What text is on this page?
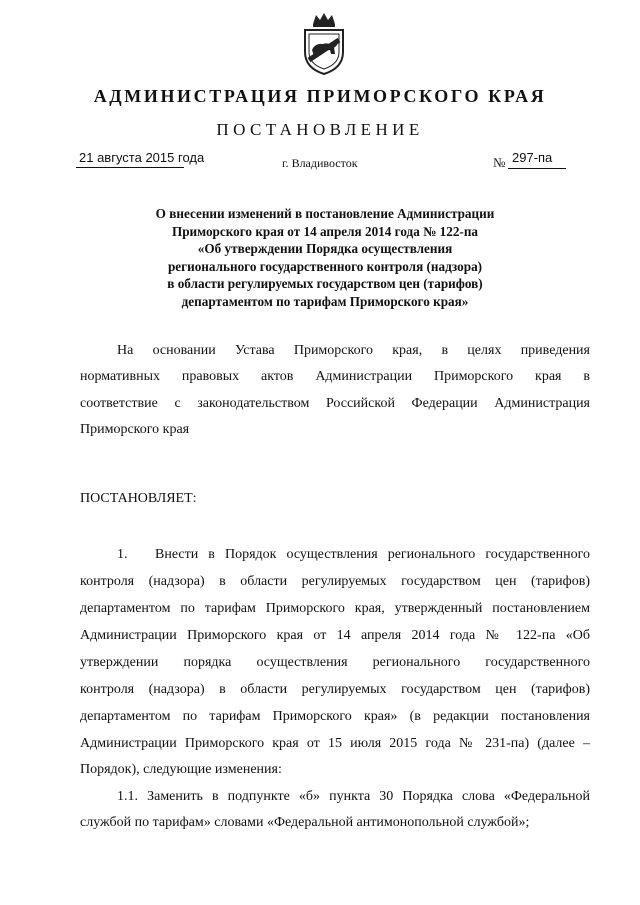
АДМИНИСТРАЦИЯ ПРИМОРСКОГО КРАЯ
ПОСТАНОВЛЕНИЕ
21 августа 2015 года	г. Владивосток	№ 297-па
О внесении изменений в постановление Администрации
Приморского края от 14 апреля 2014 года № 122-па
«Об утверждении Порядка осуществления
регионального государственного контроля (надзора)
в области регулируемых государством цен (тарифов)
департаментом по тарифам Приморского края»
На основании Устава Приморского края, в целях приведения
нормативных правовых актов Администрации Приморского края в
соответствие с законодательством Российской Федерации Администрация
Приморского края
ПОСТАНОВЛЯЕТ:
1. Внести в Порядок осуществления регионального государственного
контроля (надзора) в области регулируемых государством цен (тарифов)
департаментом по тарифам Приморского края, утвержденный постановлением
Администрации Приморского края от 14 апреля 2014 года № 122-па «Об
утверждении порядка осуществления регионального государственного
контроля (надзора) в области регулируемых государством цен (тарифов)
департаментом по тарифам Приморского края» (в редакции постановления
Администрации Приморского края от 15 июля 2015 года № 231-па) (далее –
Порядок), следующие изменения:
1.1. Заменить в подпункте «б» пункта 30 Порядка слова «Федеральной
службой по тарифам» словами «Федеральной антимонопольной службой»;
